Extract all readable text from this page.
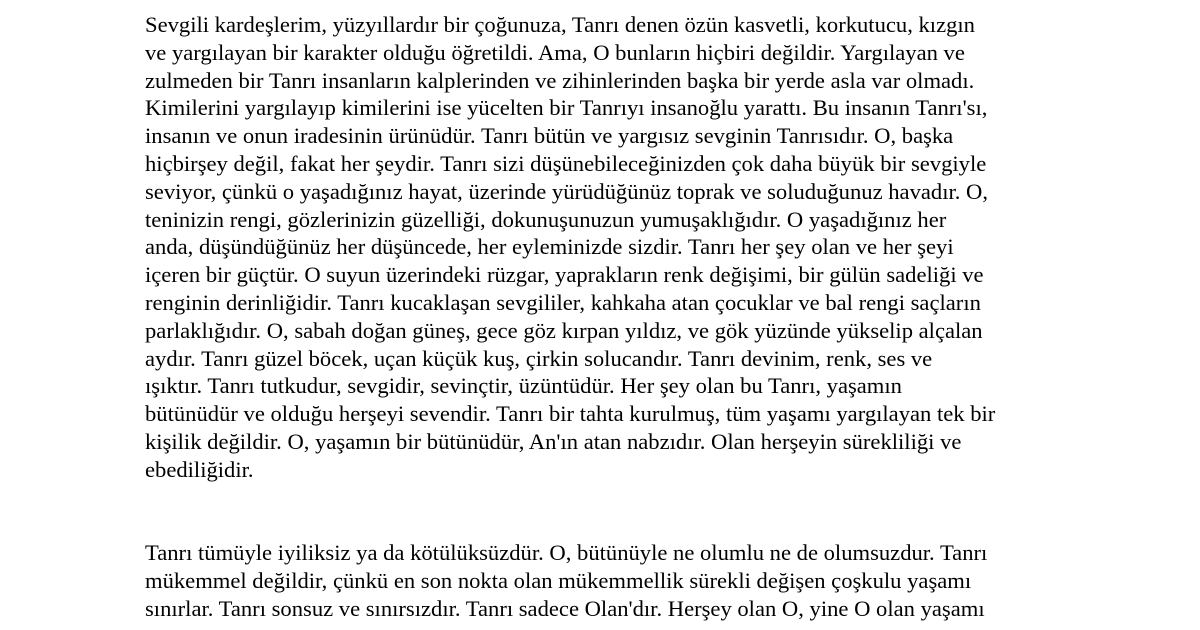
Sevgili kardeşlerim, yüzyıllardır bir çoğunuza, Tanrı denen özün kasvetli, korkutucu, kızgın
ve yargılayan bir karakter olduğu öğretildi. Ama, O bunların hiçbiri değildir. Yargılayan ve
zulmeden bir Tanrı insanların kalplerinden ve zihinlerinden başka bir yerde asla var olmadı.
Kimilerini yargılayıp kimilerini ise yücelten bir Tanrıyı insanoğlu yarattı. Bu insanın Tanrı'sı,
insanın ve onun iradesinin ürünüdür. Tanrı bütün ve yargısız sevginin Tanrısıdır. O, başka
hiçbirşey değil, fakat her şeydir. Tanrı sizi düşünebileceğinizden çok daha büyük bir sevgiyle
seviyor, çünkü o yaşadığınız hayat, üzerinde yürüdüğünüz toprak ve soluduğunuz havadır. O,
teninizin rengi, gözlerinizin güzelliği, dokunuşunuzun yumuşaklığıdır. O yaşadığınız her
anda, düşündüğünüz her düşüncede, her eyleminizde sizdir. Tanrı her şey olan ve her şeyi
içeren bir güçtür. O suyun üzerindeki rüzgar, yaprakların renk değişimi, bir gülün sadeliği ve
renginin derinliğidir. Tanrı kucaklaşan sevgililer, kahkaha atan çocuklar ve bal rengi saçların
parlaklığıdır. O, sabah doğan güneş, gece göz kırpan yıldız, ve gök yüzünde yükselip alçalan
aydır. Tanrı güzel böcek, uçan küçük kuş, çirkin solucandır. Tanrı devinim, renk, ses ve
ışıktır. Tanrı tutkudur, sevgidir, sevinçtir, üzüntüdür. Her şey olan bu Tanrı, yaşamın
bütünüdür ve olduğu herşeyi sevendir. Tanrı bir tahta kurulmuş, tüm yaşamı yargılayan tek bir
kişilik değildir. O, yaşamın bir bütünüdür, An'ın atan nabzıdır. Olan herşeyin sürekliliği ve
ebediliğidir.
Tanrı tümüyle iyiliksiz ya da kötülüksüzdür. O, bütünüyle ne olumlu ne de olumsuzdur. Tanrı
mükemmel değildir, çünkü en son nokta olan mükemmellik sürekli değişen çoşkulu yaşamı
sınırlar. Tanrı sonsuz ve sınırsızdır. Tanrı sadece Olan'dır. Herşey olan O, yine O olan yaşamı
